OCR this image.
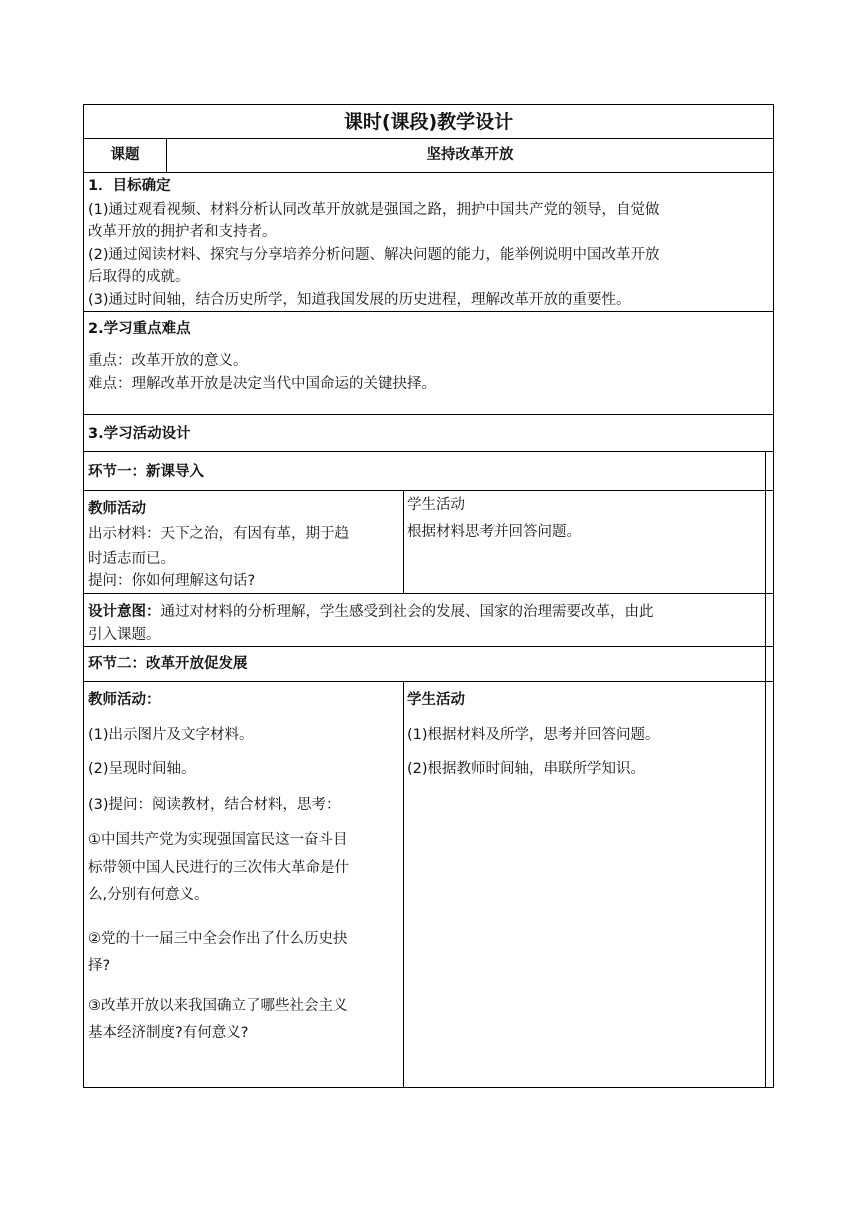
课时(课段)教学设计
课题	坚持改革开放
1．目标确定
(1)通过观看视频、材料分析认同改革开放就是强国之路，拥护中国共产党的领导，自觉做
改革开放的拥护者和支持者。
(2)通过阅读材料、探究与分享培养分析问题、解决问题的能力，能举例说明中国改革开放
后取得的成就。
(3)通过时间轴，结合历史所学，知道我国发展的历史进程，理解改革开放的重要性。
2.学习重点难点
重点：改革开放的意义。
难点：理解改革开放是决定当代中国命运的关键抉择。
3.学习活动设计
环节一：新课导入
教师活动
出示材料：天下之治，有因有革，期于趋
时适志而已。
提问：你如何理解这句话?
学生活动
根据材料思考并回答问题。
设计意图：通过对材料的分析理解，学生感受到社会的发展、国家的治理需要改革，由此
引入课题。
环节二：改革开放促发展
教师活动：
(1)出示图片及文字材料。
(2)呈现时间轴。
(3)提问：阅读教材，结合材料，思考：
①中国共产党为实现强国富民这一奋斗目
标带领中国人民进行的三次伟大革命是什
么,分别有何意义。
②党的十一届三中全会作出了什么历史抉
择?
③改革开放以来我国确立了哪些社会主义
基本经济制度?有何意义?
学生活动
(1)根据材料及所学，思考并回答问题。
(2)根据教师时间轴，串联所学知识。
